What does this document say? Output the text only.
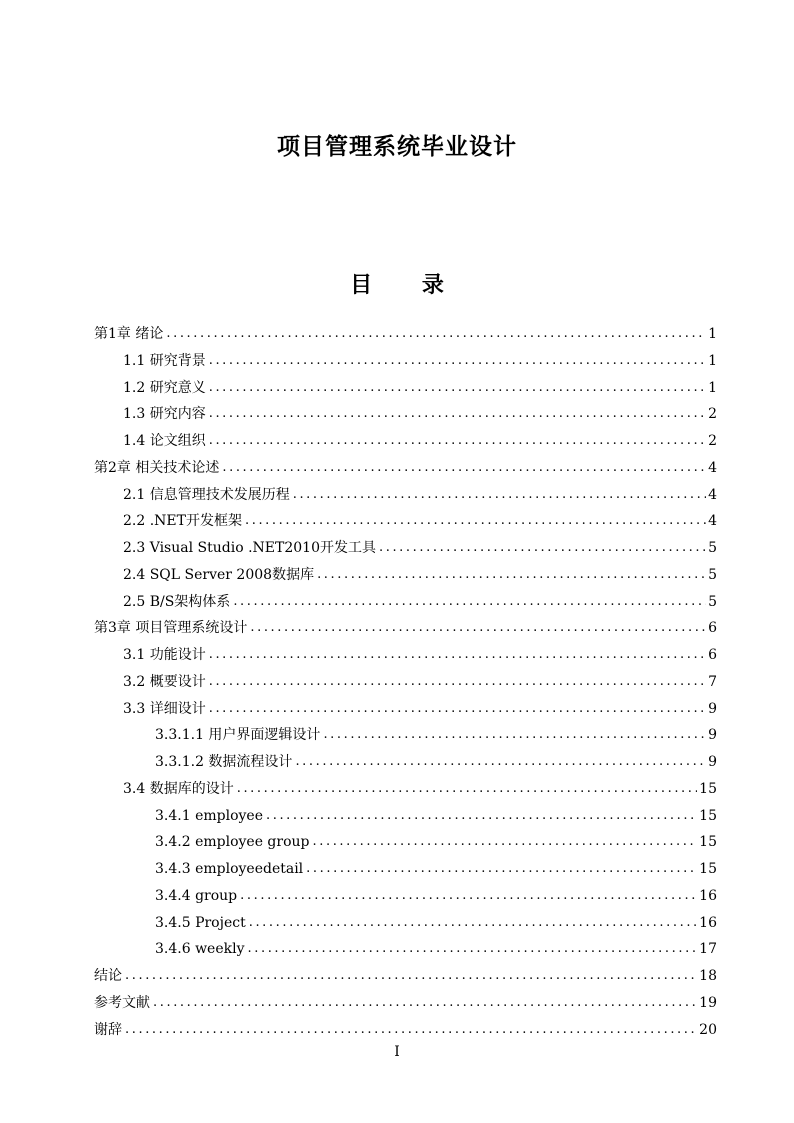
项目管理系统毕业设计
目 录
第1章 绪论 .....	1
1.1 研究背景 .....	1
1.2 研究意义 .....	1
1.3 研究内容 .....	2
1.4 论文组织 .....	2
第2章 相关技术论述 .....	4
2.1 信息管理技术发展历程 .....	4
2.2 .NET开发框架 .....	4
2.3 Visual Studio .NET2010开发工具 .....	5
2.4 SQL Server 2008数据库 .....	5
2.5 B/S架构体系 .....	5
第3章 项目管理系统设计 .....	6
3.1 功能设计 .....	6
3.2 概要设计 .....	7
3.3 详细设计 .....	9
3.3.1.1 用户界面逻辑设计 .....	9
3.3.1.2 数据流程设计 .....	9
3.4 数据库的设计 .....	15
3.4.1 employee .....	15
3.4.2 employee group .....	15
3.4.3 employeedetail .....	15
3.4.4 group .....	16
3.4.5 Project .....	16
3.4.6 weekly .....	17
结论 .....	18
参考文献 .....	19
谢辞 .....	20
I
